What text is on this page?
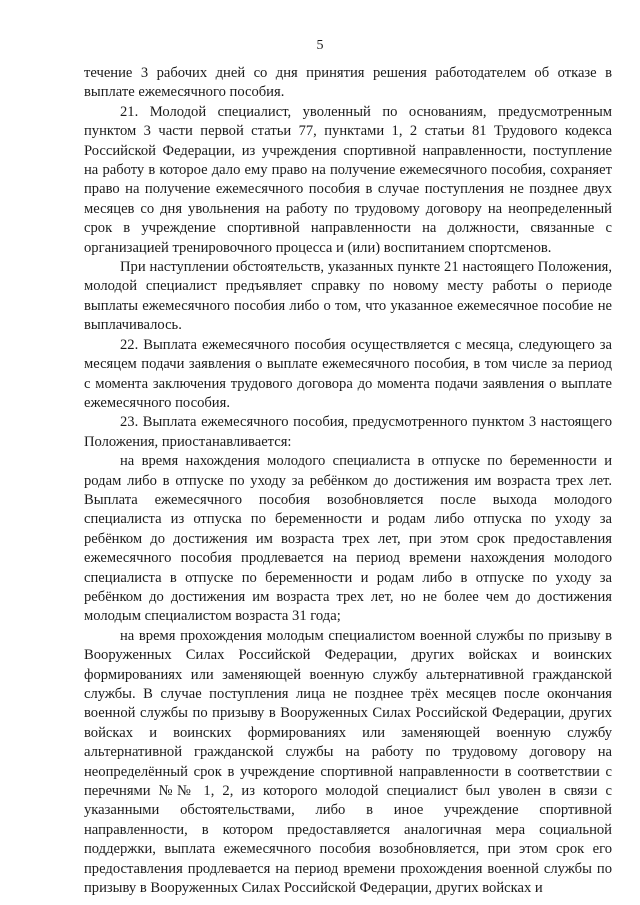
5

течение 3 рабочих дней со дня принятия решения работодателем об отказе в выплате ежемесячного пособия.

21. Молодой специалист, уволенный по основаниям, предусмотренным пунктом 3 части первой статьи 77, пунктами 1, 2 статьи 81 Трудового кодекса Российской Федерации, из учреждения спортивной направленности, поступление на работу в которое дало ему право на получение ежемесячного пособия, сохраняет право на получение ежемесячного пособия в случае поступления не позднее двух месяцев со дня увольнения на работу по трудовому договору на неопределенный срок в учреждение спортивной направленности на должности, связанные с организацией тренировочного процесса и (или) воспитанием спортсменов.

При наступлении обстоятельств, указанных пункте 21 настоящего Положения, молодой специалист предъявляет справку по новому месту работы о периоде выплаты ежемесячного пособия либо о том, что указанное ежемесячное пособие не выплачивалось.

22. Выплата ежемесячного пособия осуществляется с месяца, следующего за месяцем подачи заявления о выплате ежемесячного пособия, в том числе за период с момента заключения трудового договора до момента подачи заявления о выплате ежемесячного пособия.

23. Выплата ежемесячного пособия, предусмотренного пунктом 3 настоящего Положения, приостанавливается:

на время нахождения молодого специалиста в отпуске по беременности и родам либо в отпуске по уходу за ребёнком до достижения им возраста трех лет. Выплата ежемесячного пособия возобновляется после выхода молодого специалиста из отпуска по беременности и родам либо отпуска по уходу за ребёнком до достижения им возраста трех лет, при этом срок предоставления ежемесячного пособия продлевается на период времени нахождения молодого специалиста в отпуске по беременности и родам либо в отпуске по уходу за ребёнком до достижения им возраста трех лет, но не более чем до достижения молодым специалистом возраста 31 года;

на время прохождения молодым специалистом военной службы по призыву в Вооруженных Силах Российской Федерации, других войсках и воинских формированиях или заменяющей военную службу альтернативной гражданской службы. В случае поступления лица не позднее трёх месяцев после окончания военной службы по призыву в Вооруженных Силах Российской Федерации, других войсках и воинских формированиях или заменяющей военную службу альтернативной гражданской службы на работу по трудовому договору на неопределённый срок в учреждение спортивной направленности в соответствии с перечнями №№ 1, 2, из которого молодой специалист был уволен в связи с указанными обстоятельствами, либо в иное учреждение спортивной направленности, в котором предоставляется аналогичная мера социальной поддержки, выплата ежемесячного пособия возобновляется, при этом срок его предоставления продлевается на период времени прохождения военной службы по призыву в Вооруженных Силах Российской Федерации, других войсках и
